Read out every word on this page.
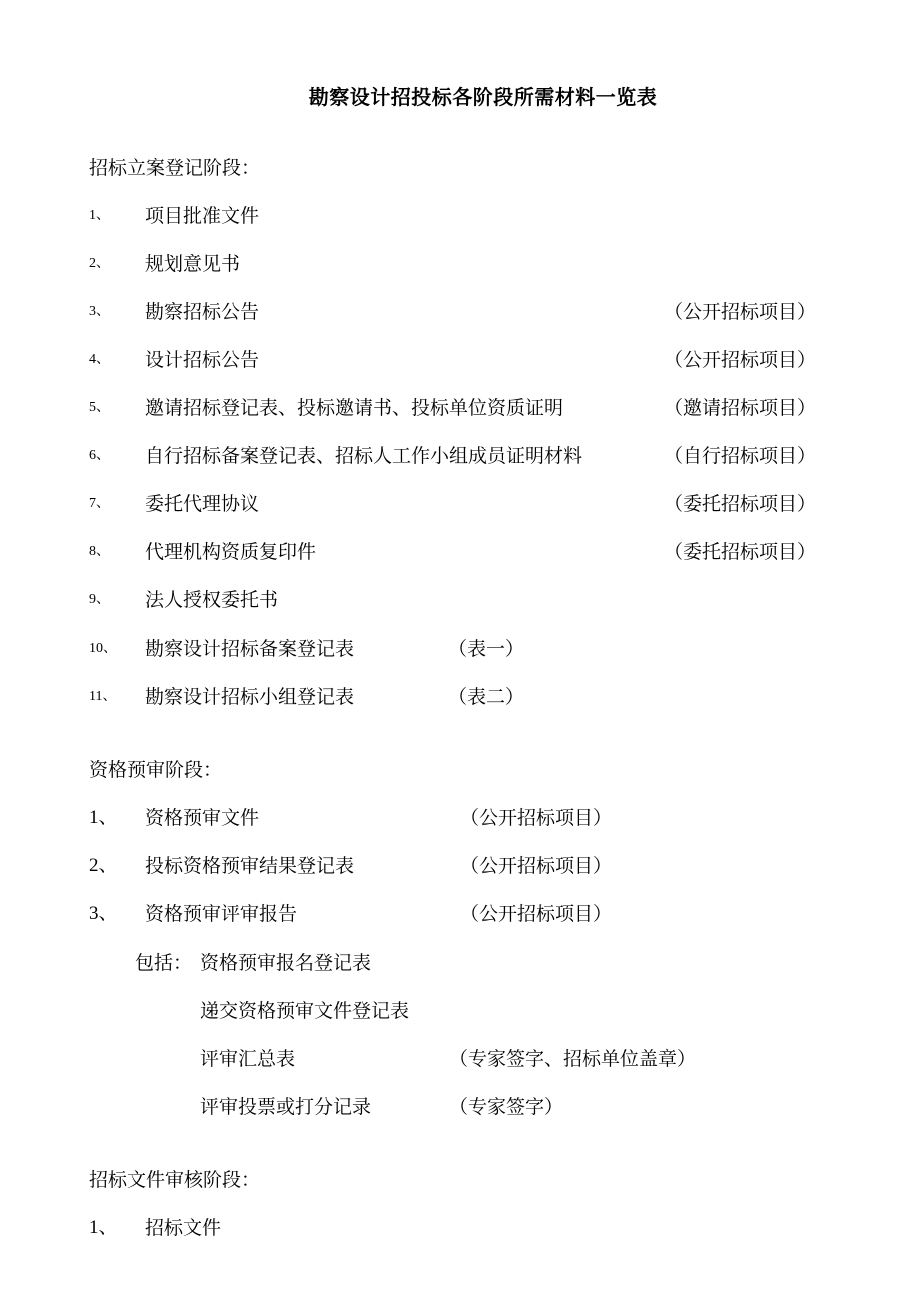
勘察设计招投标各阶段所需材料一览表
招标立案登记阶段：
1、 项目批准文件
2、 规划意见书
3、 勘察招标公告	（公开招标项目）
4、 设计招标公告	（公开招标项目）
5、 邀请招标登记表、投标邀请书、投标单位资质证明	（邀请招标项目）
6、 自行招标备案登记表、招标人工作小组成员证明材料	（自行招标项目）
7、 委托代理协议	（委托招标项目）
8、 代理机构资质复印件	（委托招标项目）
9、 法人授权委托书
10、 勘察设计招标备案登记表	（表一）
11、 勘察设计招标小组登记表	（表二）
资格预审阶段：
1、 资格预审文件	（公开招标项目）
2、 投标资格预审结果登记表	（公开招标项目）
3、 资格预审评审报告	（公开招标项目）
包括： 资格预审报名登记表
递交资格预审文件登记表
评审汇总表	（专家签字、招标单位盖章）
评审投票或打分记录	（专家签字）
招标文件审核阶段：
1、 招标文件
